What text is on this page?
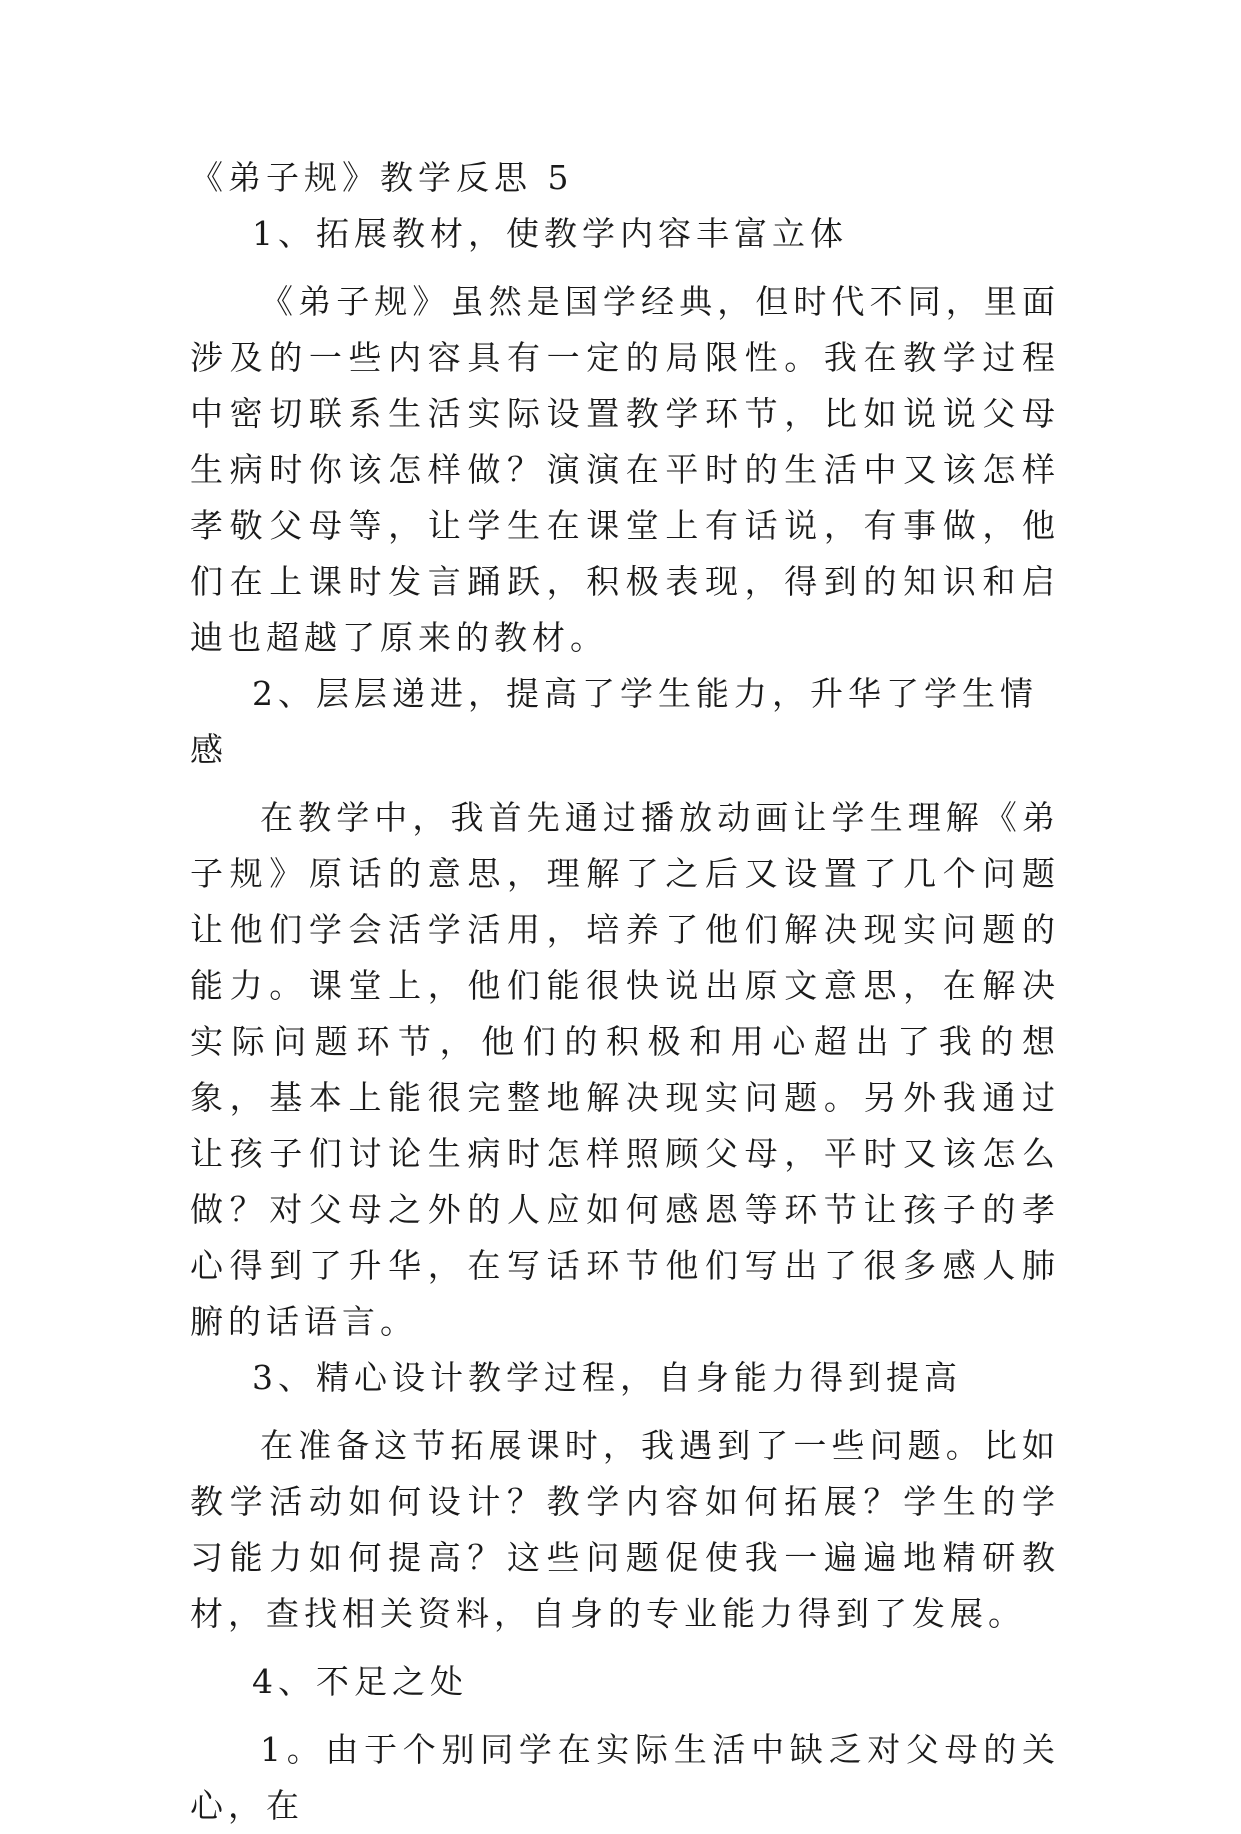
《弟子规》教学反思 5

1、拓展教材，使教学内容丰富立体

《弟子规》虽然是国学经典，但时代不同，里面涉及的一些内容具有一定的局限性。我在教学过程中密切联系生活实际设置教学环节，比如说说父母生病时你该怎样做？演演在平时的生活中又该怎样孝敬父母等，让学生在课堂上有话说，有事做，他们在上课时发言踊跃，积极表现，得到的知识和启迪也超越了原来的教材。

2、层层递进，提高了学生能力，升华了学生情感

在教学中，我首先通过播放动画让学生理解《弟子规》原话的意思，理解了之后又设置了几个问题让他们学会活学活用，培养了他们解决现实问题的能力。课堂上，他们能很快说出原文意思，在解决实际问题环节，他们的积极和用心超出了我的想象，基本上能很完整地解决现实问题。另外我通过让孩子们讨论生病时怎样照顾父母，平时又该怎么做？对父母之外的人应如何感恩等环节让孩子的孝心得到了升华，在写话环节他们写出了很多感人肺腑的话语言。

3、精心设计教学过程，自身能力得到提高

在准备这节拓展课时，我遇到了一些问题。比如教学活动如何设计？教学内容如何拓展？学生的学习能力如何提高？这些问题促使我一遍遍地精研教材，查找相关资料，自身的专业能力得到了发展。

4、不足之处

1。由于个别同学在实际生活中缺乏对父母的关心，在
